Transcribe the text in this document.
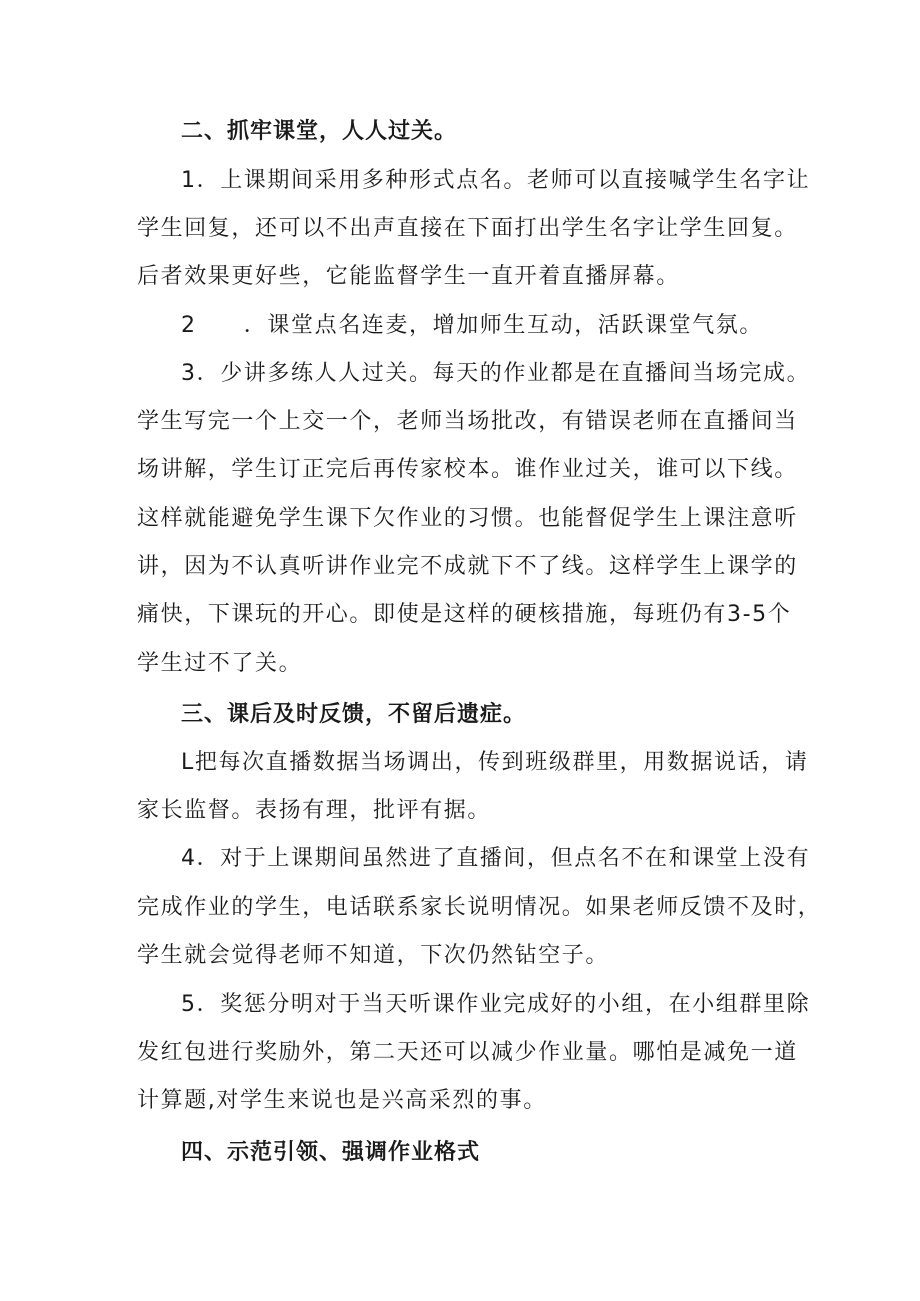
二、抓牢课堂，人人过关。
1．上课期间采用多种形式点名。老师可以直接喊学生名字让
学生回复，还可以不出声直接在下面打出学生名字让学生回复。
后者效果更好些，它能监督学生一直开着直播屏幕。
2　　．课堂点名连麦，增加师生互动，活跃课堂气氛。
3．少讲多练人人过关。每天的作业都是在直播间当场完成。
学生写完一个上交一个，老师当场批改，有错误老师在直播间当
场讲解，学生订正完后再传家校本。谁作业过关，谁可以下线。
这样就能避免学生课下欠作业的习惯。也能督促学生上课注意听
讲，因为不认真听讲作业完不成就下不了线。这样学生上课学的
痛快，下课玩的开心。即使是这样的硬核措施，每班仍有3-5个
学生过不了关。
三、课后及时反馈，不留后遗症。
L把每次直播数据当场调出，传到班级群里，用数据说话，请
家长监督。表扬有理，批评有据。
4．对于上课期间虽然进了直播间，但点名不在和课堂上没有
完成作业的学生，电话联系家长说明情况。如果老师反馈不及时，
学生就会觉得老师不知道，下次仍然钻空子。
5．奖惩分明对于当天听课作业完成好的小组，在小组群里除
发红包进行奖励外，第二天还可以减少作业量。哪怕是减免一道
计算题,对学生来说也是兴高采烈的事。
四、示范引领、强调作业格式
